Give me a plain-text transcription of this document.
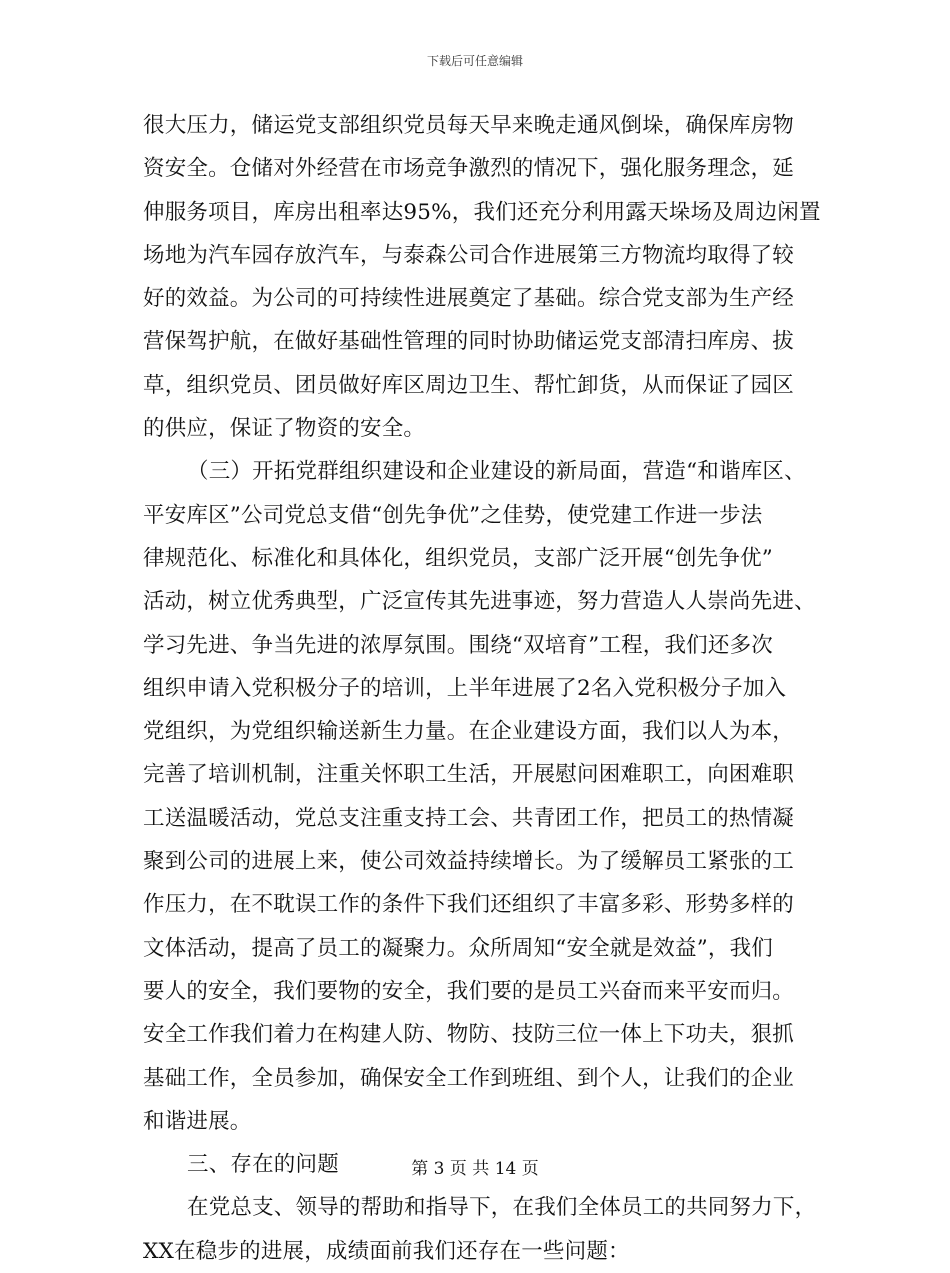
下载后可任意编辑
很大压力，储运党支部组织党员每天早来晚走通风倒垛，确保库房物
资安全。仓储对外经营在市场竞争激烈的情况下，强化服务理念，延
伸服务项目，库房出租率达95%，我们还充分利用露天垛场及周边闲置
场地为汽车园存放汽车，与泰森公司合作进展第三方物流均取得了较
好的效益。为公司的可持续性进展奠定了基础。综合党支部为生产经
营保驾护航，在做好基础性管理的同时协助储运党支部清扫库房、拔
草，组织党员、团员做好库区周边卫生、帮忙卸货，从而保证了园区
的供应，保证了物资的安全。
（三）开拓党群组织建设和企业建设的新局面，营造“和谐库区、
平安库区”公司党总支借“创先争优”之佳势，使党建工作进一步法
律规范化、标准化和具体化，组织党员，支部广泛开展“创先争优”
活动，树立优秀典型，广泛宣传其先进事迹，努力营造人人崇尚先进、
学习先进、争当先进的浓厚氛围。围绕“双培育”工程，我们还多次
组织申请入党积极分子的培训，上半年进展了2名入党积极分子加入
党组织，为党组织输送新生力量。在企业建设方面，我们以人为本，
完善了培训机制，注重关怀职工生活，开展慰问困难职工，向困难职
工送温暖活动，党总支注重支持工会、共青团工作，把员工的热情凝
聚到公司的进展上来，使公司效益持续增长。为了缓解员工紧张的工
作压力，在不耽误工作的条件下我们还组织了丰富多彩、形势多样的
文体活动，提高了员工的凝聚力。众所周知“安全就是效益”，我们
要人的安全，我们要物的安全，我们要的是员工兴奋而来平安而归。
安全工作我们着力在构建人防、物防、技防三位一体上下功夫，狠抓
基础工作，全员参加，确保安全工作到班组、到个人，让我们的企业
和谐进展。
三、存在的问题
在党总支、领导的帮助和指导下，在我们全体员工的共同努力下，
XX在稳步的进展，成绩面前我们还存在一些问题：
第 3 页 共 14 页
